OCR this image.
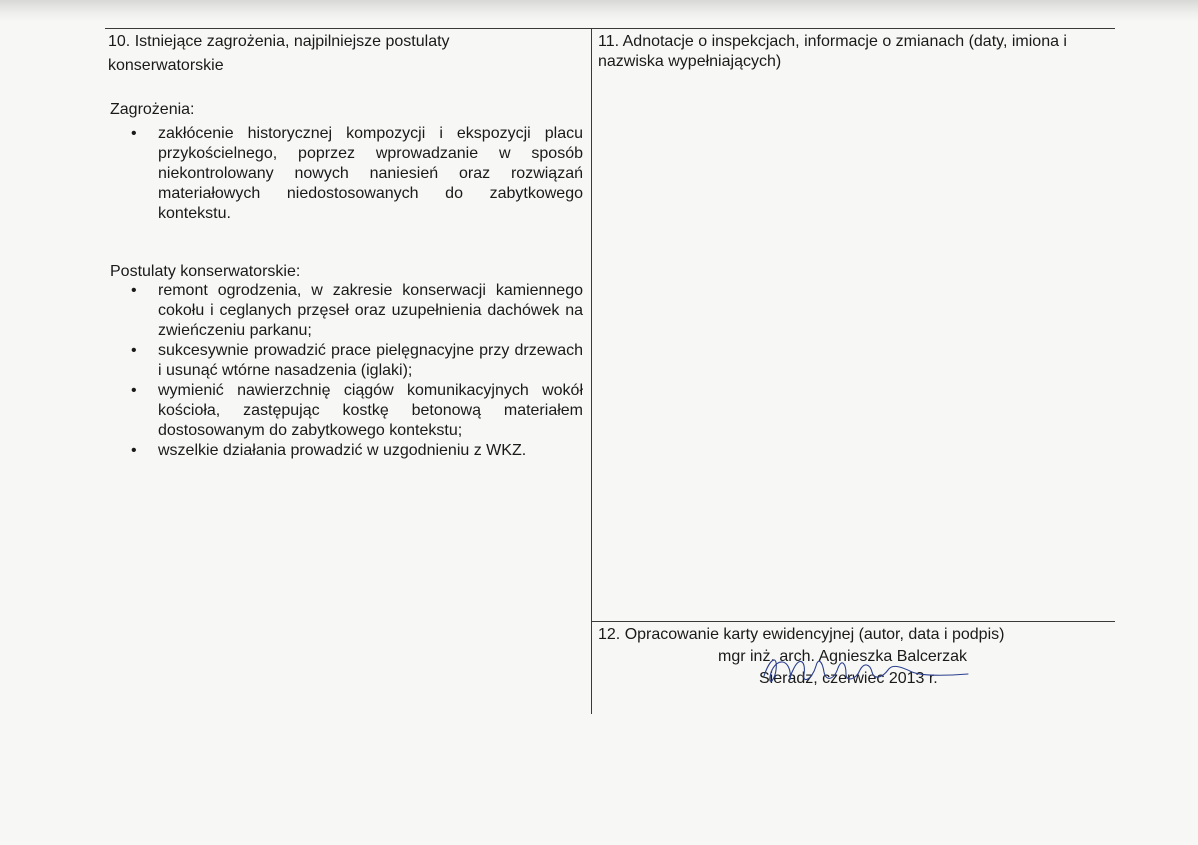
10. Istniejące zagrożenia, najpilniejsze postulaty
konserwatorskie
Zagrożenia:
• zakłócenie historycznej kompozycji i ekspozycji placu przykościelnego, poprzez wprowadzanie w sposób niekontrolowany nowych naniesień oraz rozwiązań materiałowych niedostosowanych do zabytkowego kontekstu.
Postulaty konserwatorskie:
• remont ogrodzenia, w zakresie konserwacji kamiennego cokołu i ceglanych przęseł oraz uzupełnienia dachówek na zwieńczeniu parkanu;
• sukcesywnie prowadzić prace pielęgnacyjne przy drzewach i usunąć wtórne nasadzenia (iglaki);
• wymienić nawierzchnię ciągów komunikacyjnych wokół kościoła, zastępując kostkę betonową materiałem dostosowanym do zabytkowego kontekstu;
• wszelkie działania prowadzić w uzgodnieniu z WKZ.
11. Adnotacje o inspekcjach, informacje o zmianach (daty, imiona i
nazwiska wypełniających)
12. Opracowanie karty ewidencyjnej (autor, data i podpis)
mgr inż. arch. Agnieszka Balcerzak
Sieradz, czerwiec 2013 r.
